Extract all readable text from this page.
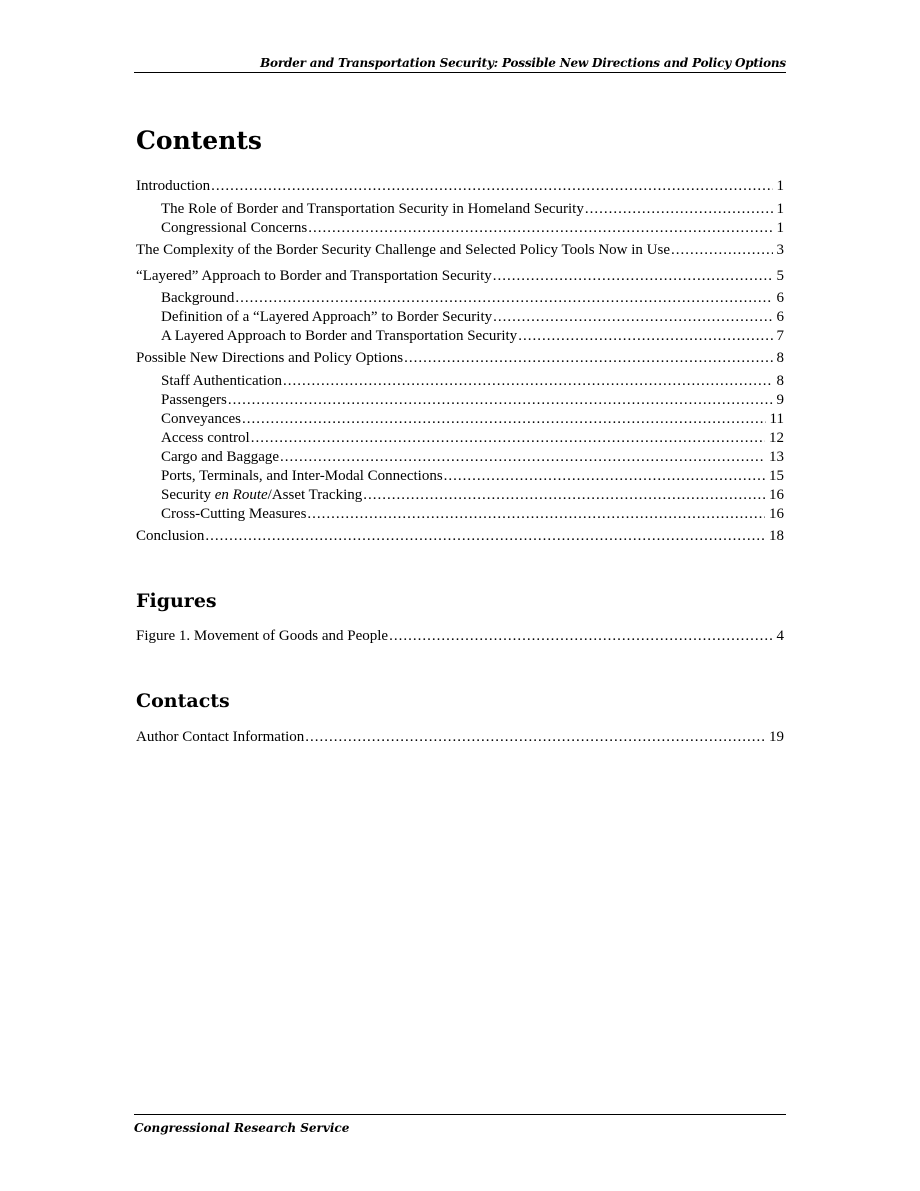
Border and Transportation Security: Possible New Directions and Policy Options
Contents
Introduction .....	1
The Role of Border and Transportation Security in Homeland Security .....	1
Congressional Concerns .....	1
The Complexity of the Border Security Challenge and Selected Policy Tools Now in Use .....	3
“Layered” Approach to Border and Transportation Security .....	5
Background .....	6
Definition of a “Layered Approach” to Border Security .....	6
A Layered Approach to Border and Transportation Security .....	7
Possible New Directions and Policy Options .....	8
Staff Authentication .....	8
Passengers .....	9
Conveyances .....	11
Access control .....	12
Cargo and Baggage .....	13
Ports, Terminals, and Inter-Modal Connections .....	15
Security en Route/Asset Tracking .....	16
Cross-Cutting Measures .....	16
Conclusion .....	18
Figures
Figure 1. Movement of Goods and People .....	4
Contacts
Author Contact Information .....	19
Congressional Research Service
